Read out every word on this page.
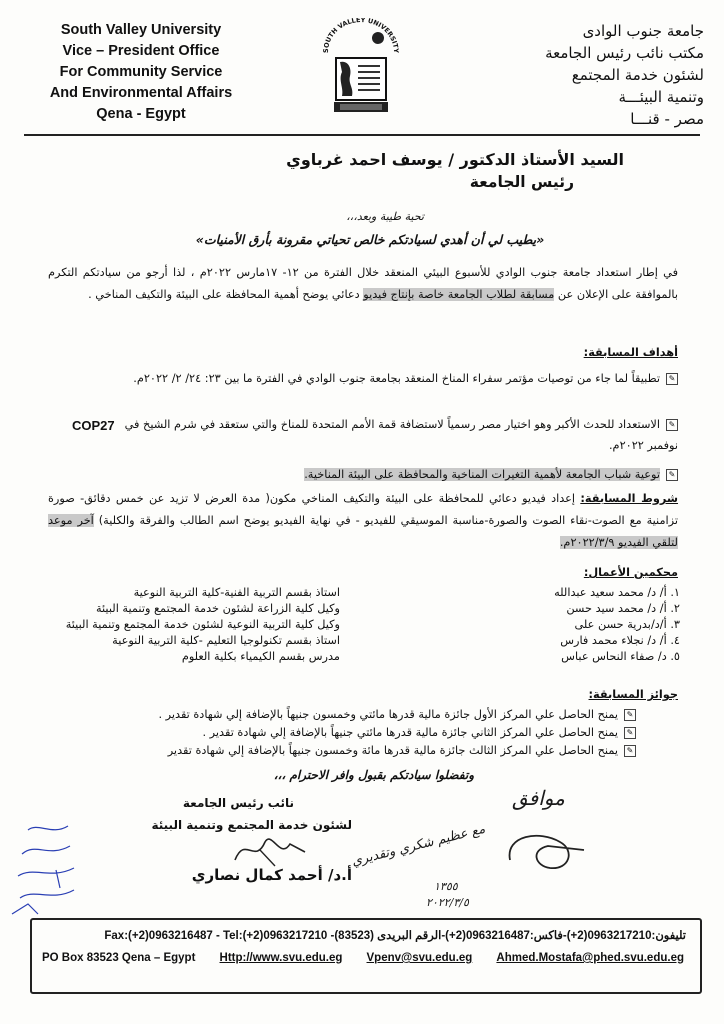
South Valley University
Vice – President Office
For Community Service
And Environmental Affairs
Qena - Egypt
جامعة جنوب الوادى
مكتب نائب رئيس الجامعة
لشئون خدمة المجتمع
وتنمية البيئـــة
مصر - قنـــا
SOUTH VALLEY UNIVERSITY
السيد الأستاذ الدكتور / يوسف احمد غرباوي
رئيس الجامعة
تحية طيبة وبعد،،،
«يطيب لي أن أهدي لسيادتكم خالص تحياتي مقرونة بأرق الأمنيات»
في إطار استعداد جامعة جنوب الوادي للأسبوع البيئي المنعقد خلال الفترة من ١٢- ١٧مارس ٢٠٢٢م ، لذا أرجو من سيادتكم التكرم بالموافقة على الإعلان عن مسابقة لطلاب الجامعة خاصة بإنتاج فيديو دعائي يوضح أهمية المحافظة على البيئة والتكيف المناخي .
أهداف المسابقة:
✎تطبيقاً لما جاء من توصيات مؤتمر سفراء المناخ المنعقد بجامعة جنوب الوادي في الفترة ما بين ٢٣: ٢٤/ ٢/ ٢٠٢٢م.
✎الاستعداد للحدث الأكبر وهو اختيار مصر رسمياً لاستضافة قمة الأمم المتحدة للمناخ والتي ستعقد في شرم الشيخ في نوفمبر ٢٠٢٢م.
COP27
✎توعية شباب الجامعة لأهمية التغيرات المناخية والمحافظة على البيئة المناخية.
شروط المسابقة: إعداد فيديو دعائي للمحافظة على البيئة والتكيف المناخي مكون( مدة العرض لا تزيد عن خمس دقائق- صورة تزامنية مع الصوت-نقاء الصوت والصورة-مناسبة الموسيقي للفيديو - في نهاية الفيديو يوضح اسم الطالب والفرقة والكلية) آخر موعد لتلقي الفيديو ٢٠٢٢/٣/٩م.
محكمين الأعمال:
١. أ/ د/ محمد سعيد عبدالله
استاذ بقسم التربية الفنية-كلية التربية النوعية
٢. أ/ د/ محمد سيد حسن
وكيل كلية الزراعة لشئون خدمة المجتمع وتنمية البيئة
٣. أ/د/بدرية حسن على
وكيل كلية التربية النوعية لشئون خدمة المجتمع وتنمية البيئة
٤. أ/ د/ نجلاء محمد فارس
استاذ بقسم تكنولوجيا التعليم -كلية التربية النوعية
٥. د/ صفاء النحاس عباس
مدرس بقسم الكيمياء بكلية العلوم
جوائز المسابقة:
✎يمنح الحاصل علي المركز الأول جائزة مالية قدرها مائتي وخمسون جنيهاً بالإضافة إلي شهادة تقدير .
✎يمنح الحاصل علي المركز الثاني جائزة مالية قدرها مائتي جنيهاً بالإضافة إلي شهادة تقدير .
✎يمنح الحاصل علي المركز الثالث جائزة مالية قدرها مائة وخمسون جنيهاً بالإضافة إلي شهادة تقدير
وتفضلوا سيادتكم بقبول وافر الاحترام ،،،
نائب رئيس الجامعة
لشئون خدمة المجتمع وتنمية البيئة
أ.د/ أحمد كمال نصاري
موافق
مع عظيم شكري وتقديري
١٣٥٥
٢٠٢٢/٣/٥
تليفون:0963217210(2+)-فاكس:0963216487(2+)-الرقم البريدى (83523)- Fax:(+2)0963216487 - Tel:(+2)0963217210
PO Box 83523 Qena – Egypt Http://www.svu.edu.eg Vpenv@svu.edu.eg Ahmed.Mostafa@phed.svu.edu.eg
